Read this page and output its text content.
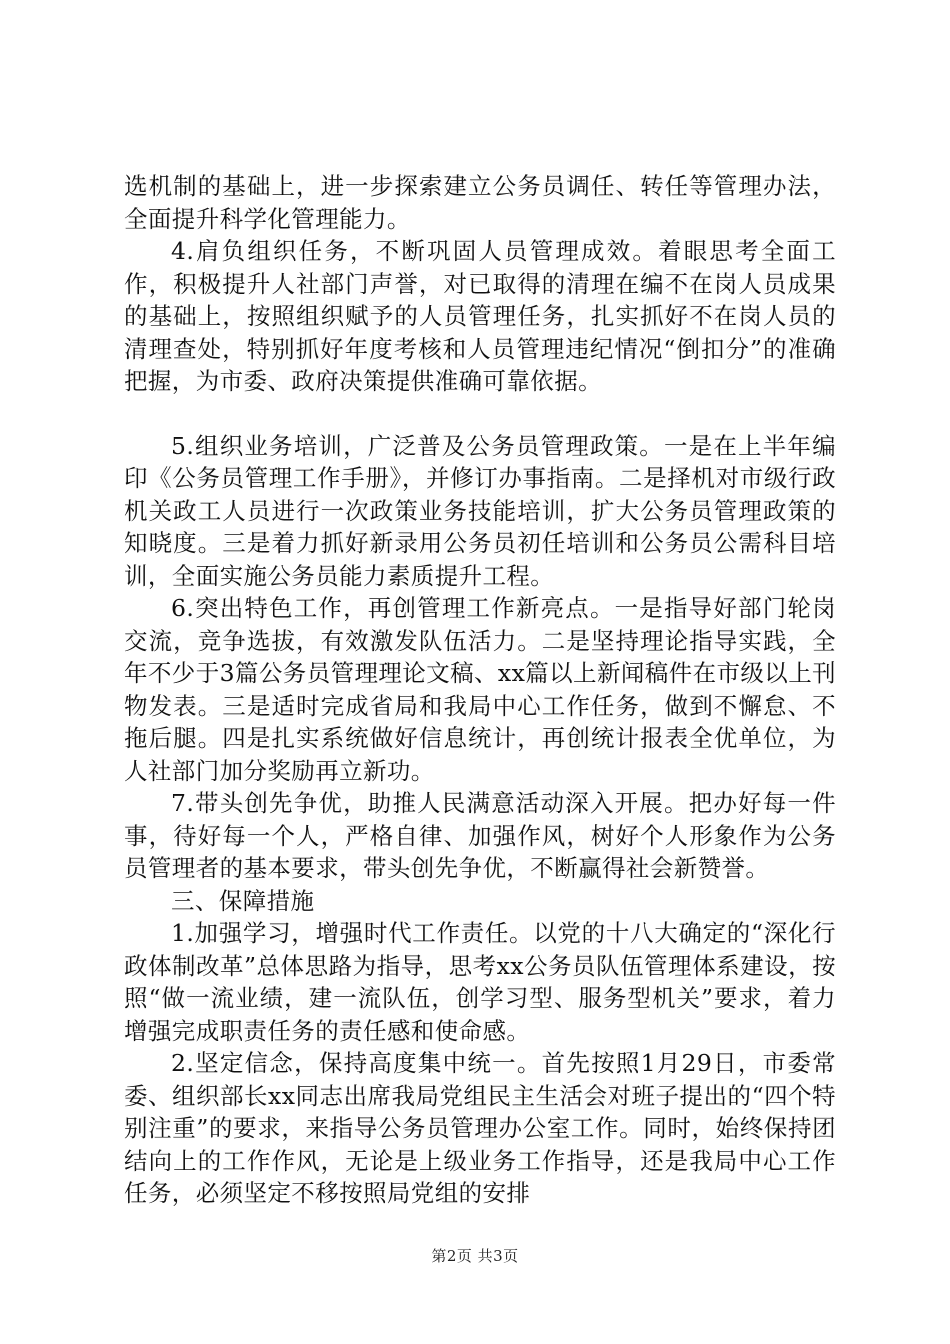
选机制的基础上，进一步探索建立公务员调任、转任等管理办法，全面提升科学化管理能力。

4.肩负组织任务，不断巩固人员管理成效。着眼思考全面工作，积极提升人社部门声誉，对已取得的清理在编不在岗人员成果的基础上，按照组织赋予的人员管理任务，扎实抓好不在岗人员的清理查处，特别抓好年度考核和人员管理违纪情况“倒扣分”的准确把握，为市委、政府决策提供准确可靠依据。

5.组织业务培训，广泛普及公务员管理政策。一是在上半年编印《公务员管理工作手册》，并修订办事指南。二是择机对市级行政机关政工人员进行一次政策业务技能培训，扩大公务员管理政策的知晓度。三是着力抓好新录用公务员初任培训和公务员公需科目培训，全面实施公务员能力素质提升工程。

6.突出特色工作，再创管理工作新亮点。一是指导好部门轮岗交流，竞争选拔，有效激发队伍活力。二是坚持理论指导实践，全年不少于3篇公务员管理理论文稿、xx篇以上新闻稿件在市级以上刊物发表。三是适时完成省局和我局中心工作任务，做到不懈怠、不拖后腿。四是扎实系统做好信息统计，再创统计报表全优单位，为人社部门加分奖励再立新功。

7.带头创先争优，助推人民满意活动深入开展。把办好每一件事，待好每一个人，严格自律、加强作风，树好个人形象作为公务员管理者的基本要求，带头创先争优，不断赢得社会新赞誉。

三、保障措施

1.加强学习，增强时代工作责任。以党的十八大确定的“深化行政体制改革”总体思路为指导，思考xx公务员队伍管理体系建设，按照“做一流业绩，建一流队伍，创学习型、服务型机关”要求，着力增强完成职责任务的责任感和使命感。

2.坚定信念，保持高度集中统一。首先按照1月29日，市委常委、组织部长xx同志出席我局党组民主生活会对班子提出的“四个特别注重”的要求，来指导公务员管理办公室工作。同时，始终保持团结向上的工作作风，无论是上级业务工作指导，还是我局中心工作任务，必须坚定不移按照局党组的安排

第2页 共3页
